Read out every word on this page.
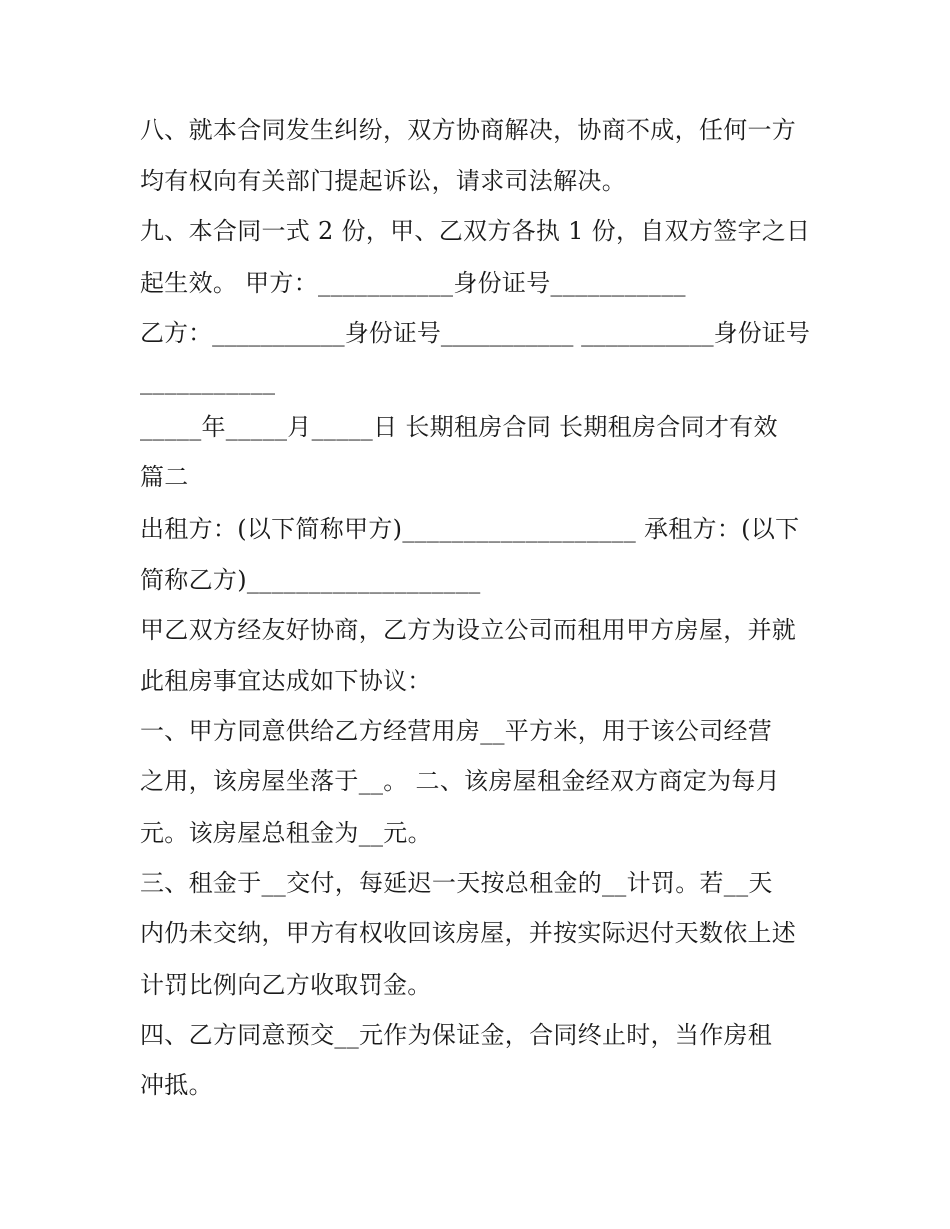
八、就本合同发生纠纷，双方协商解决，协商不成，任何一方
均有权向有关部门提起诉讼，请求司法解决。
九、本合同一式 2 份，甲、乙双方各执 1 份，自双方签字之日
起生效。 甲方：___________身份证号___________
乙方：___________身份证号___________ ___________身份证号
___________
_____年_____月_____日 长期租房合同 长期租房合同才有效
篇二
出租方：(以下简称甲方)___________________ 承租方：(以下
简称乙方)___________________
甲乙双方经友好协商，乙方为设立公司而租用甲方房屋，并就
此租房事宜达成如下协议：
一、甲方同意供给乙方经营用房__平方米，用于该公司经营
之用，该房屋坐落于__。 二、该房屋租金经双方商定为每月
元。该房屋总租金为__元。
三、租金于__交付，每延迟一天按总租金的__计罚。若__天
内仍未交纳，甲方有权收回该房屋，并按实际迟付天数依上述
计罚比例向乙方收取罚金。
四、乙方同意预交__元作为保证金，合同终止时，当作房租
冲抵。
